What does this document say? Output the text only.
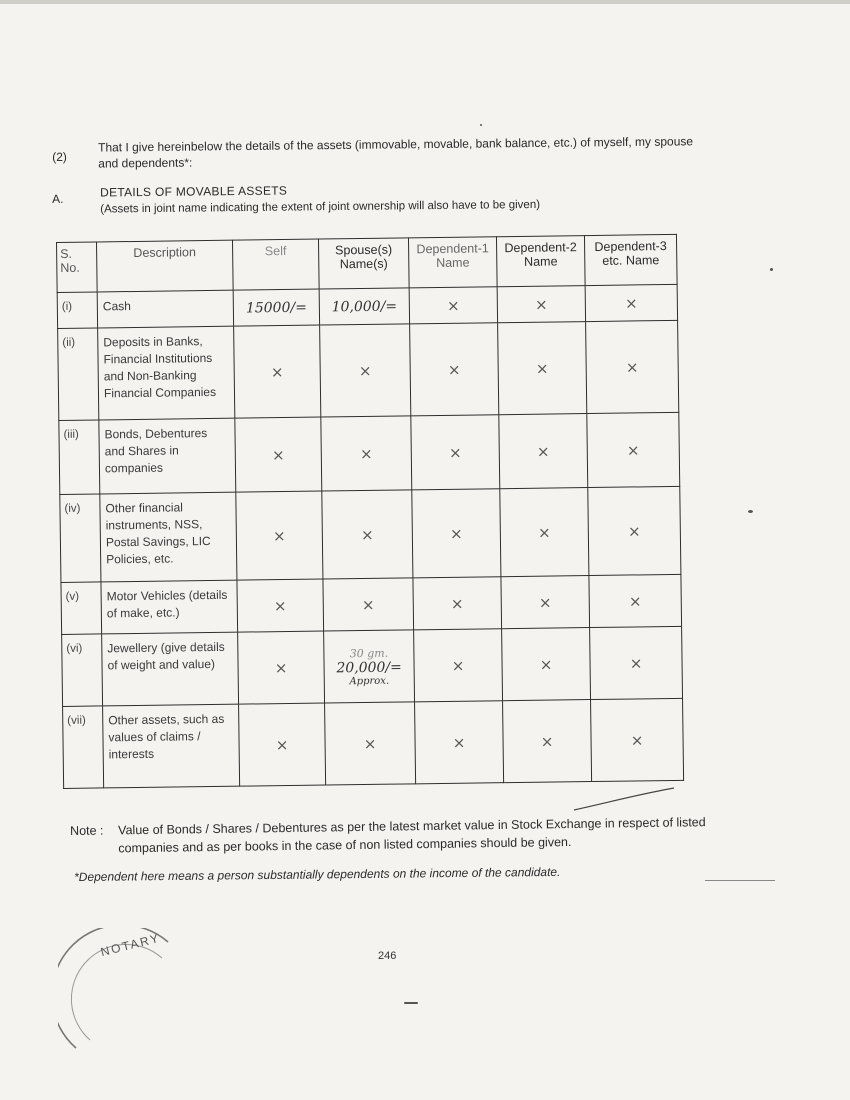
(2)
That I give hereinbelow the details of the assets (immovable, movable, bank balance, etc.) of myself, my spouse and dependents*:
A.	DETAILS OF MOVABLE ASSETS
(Assets in joint name indicating the extent of joint ownership will also have to be given)
S. No.	Description	Self	Spouse(s) Name(s)	Dependent-1 Name	Dependent-2 Name	Dependent-3 etc. Name
(i)	Cash	15000/=	10,000/=	×	×	×
(ii)	Deposits in Banks, Financial Institutions and Non-Banking Financial Companies	×	×	×	×	×
(iii)	Bonds, Debentures and Shares in companies	×	×	×	×	×
(iv)	Other financial instruments, NSS, Postal Savings, LIC Policies, etc.	×	×	×	×	×
(v)	Motor Vehicles (details of make, etc.)	×	×	×	×	×
(vi)	Jewellery (give details of weight and value)	×	30 gm.
20,000/=
Approx.	×	×	×
(vii)	Other assets, such as values of claims / interests	×	×	×	×	×
Note : Value of Bonds / Shares / Debentures as per the latest market value in Stock Exchange in respect of listed companies and as per books in the case of non listed companies should be given.
*Dependent here means a person substantially dependents on the income of the candidate.
246
NOTARY
